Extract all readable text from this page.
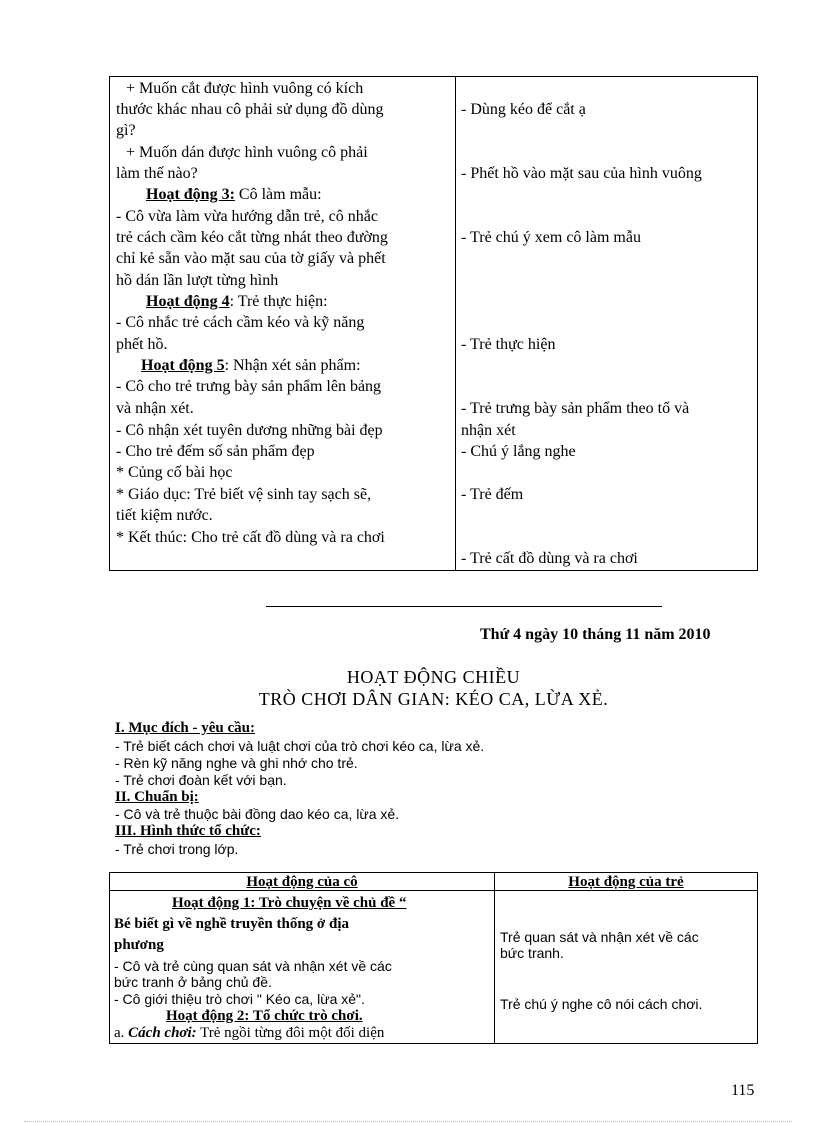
+ Muốn cắt được hình vuông có kích
thước khác nhau cô phải sử dụng đồ dùng
gì?
+ Muốn dán được hình vuông cô phải
làm thế nào?
Hoạt động 3: Cô làm mẫu:
- Cô vừa làm vừa hướng dẫn trẻ, cô nhắc
trẻ cách cầm kéo cắt từng nhát theo đường
chỉ kẻ sẵn vào mặt sau của tờ giấy và phết
hồ dán lần lượt từng hình
Hoạt động 4: Trẻ thực hiện:
- Cô nhắc trẻ cách cầm kéo và kỹ năng
phết hồ.
Hoạt động 5: Nhận xét sản phẩm:
- Cô cho trẻ trưng bày sản phẩm lên bảng
và nhận xét.
- Cô nhận xét tuyên dương những bài đẹp
- Cho trẻ đếm số sản phẩm đẹp
* Củng cố bài học
* Giáo dục: Trẻ biết vệ sinh tay sạch sẽ,
tiết kiệm nước.
* Kết thúc: Cho trẻ cất đồ dùng và ra chơi
- Dùng kéo để cắt ạ
- Phết hồ vào mặt sau của hình vuông
- Trẻ chú ý xem cô làm mẫu
- Trẻ thực hiện
- Trẻ trưng bày sản phẩm theo tổ và
nhận xét
- Chú ý lắng nghe
- Trẻ đếm
- Trẻ cất đồ dùng và ra chơi
Thứ 4 ngày 10 tháng 11 năm 2010
HOẠT ĐỘNG CHIỀU
TRÒ CHƠI DÂN GIAN: KÉO CA, LỪA XẺ.
I. Mục đích - yêu cầu:
- Trẻ biết cách chơi và luật chơi của trò chơi kéo ca, lừa xẻ.
- Rèn kỹ năng nghe và ghi nhớ cho trẻ.
- Trẻ chơi đoàn kết với bạn.
II. Chuẩn bị:
- Cô và trẻ thuộc bài đồng dao kéo ca, lừa xẻ.
III. Hình thức tổ chức:
- Trẻ chơi trong lớp.
Hoạt động của cô	Hoạt động của trẻ
Hoạt động 1: Trò chuyện về chủ đề “
Bé biết gì về nghề truyền thống ở địa
phương
- Cô và trẻ cùng quan sát và nhận xét về các
bức tranh ở bảng chủ đề.
- Cô giới thiệu trò chơi " Kéo ca, lừa xẻ".
Hoạt động 2: Tổ chức trò chơi.
a. Cách chơi: Trẻ ngồi từng đôi một đối diện
Trẻ quan sát và nhận xét về các
bức tranh.
Trẻ chú ý nghe cô nói cách chơi.
115
